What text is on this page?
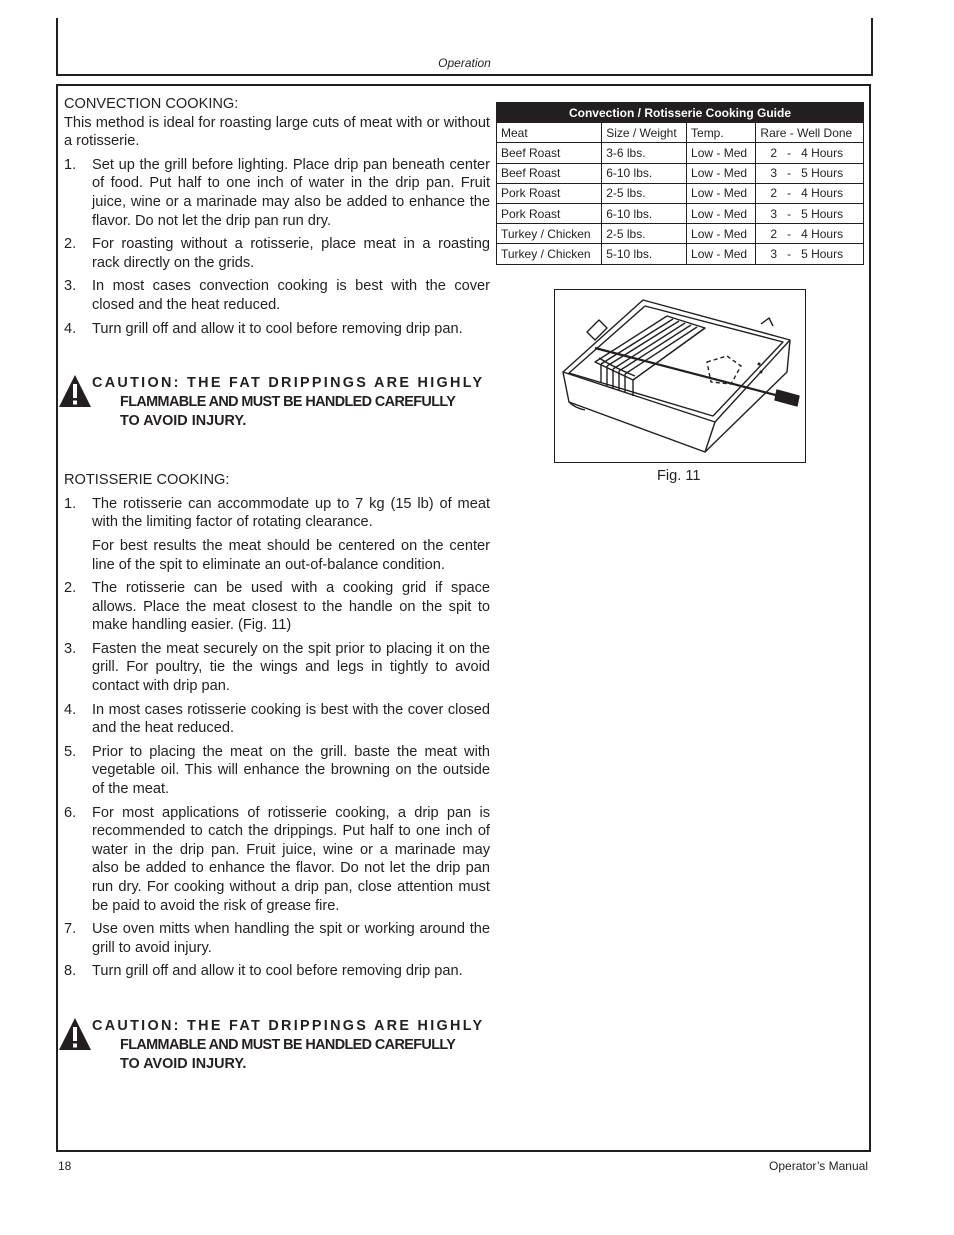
Operation
CONVECTION COOKING:
This method is ideal for roasting large cuts of meat with or without a rotisserie.
1. Set up the grill before lighting. Place drip pan beneath center of food. Put half to one inch of water in the drip pan. Fruit juice, wine or a marinade may also be added to enhance the flavor. Do not let the drip pan run dry.
2. For roasting without a rotisserie, place meat in a roasting rack directly on the grids.
3. In most cases convection cooking is best with the cover closed and the heat reduced.
4. Turn grill off and allow it to cool before removing drip pan.
CAUTION: THE FAT DRIPPINGS ARE HIGHLY
FLAMMABLE AND MUST BE HANDLED CAREFULLY
TO AVOID INJURY.
ROTISSERIE COOKING:
1. The rotisserie can accommodate up to 7 kg (15 lb) of meat with the limiting factor of rotating clearance.
For best results the meat should be centered on the center line of the spit to eliminate an out-of-balance condition.
2. The rotisserie can be used with a cooking grid if space allows. Place the meat closest to the handle on the spit to make handling easier. (Fig. 11)
3. Fasten the meat securely on the spit prior to placing it on the grill. For poultry, tie the wings and legs in tightly to avoid contact with drip pan.
4. In most cases rotisserie cooking is best with the cover closed and the heat reduced.
5. Prior to placing the meat on the grill. baste the meat with vegetable oil. This will enhance the browning on the outside of the meat.
6. For most applications of rotisserie cooking, a drip pan is recommended to catch the drippings. Put half to one inch of water in the drip pan. Fruit juice, wine or a marinade may also be added to enhance the flavor. Do not let the drip pan run dry. For cooking without a drip pan, close attention must be paid to avoid the risk of grease fire.
7. Use oven mitts when handling the spit or working around the grill to avoid injury.
8. Turn grill off and allow it to cool before removing drip pan.
CAUTION: THE FAT DRIPPINGS ARE HIGHLY
FLAMMABLE AND MUST BE HANDLED CAREFULLY
TO AVOID INJURY.
Convection / Rotisserie Cooking Guide			
Meat	Size / Weight	Temp.	Rare - Well Done
Beef Roast	3-6 lbs.	Low - Med	2   -   4 Hours
Beef Roast	6-10 lbs.	Low - Med	3   -   5 Hours
Pork Roast	2-5 lbs.	Low - Med	2   -   4 Hours
Pork Roast	6-10 lbs.	Low - Med	3   -   5 Hours
Turkey / Chicken	2-5 lbs.	Low - Med	2   -   4 Hours
Turkey / Chicken	5-10 lbs.	Low - Med	3   -   5 Hours
Fig. 11
18	Operator’s Manual
